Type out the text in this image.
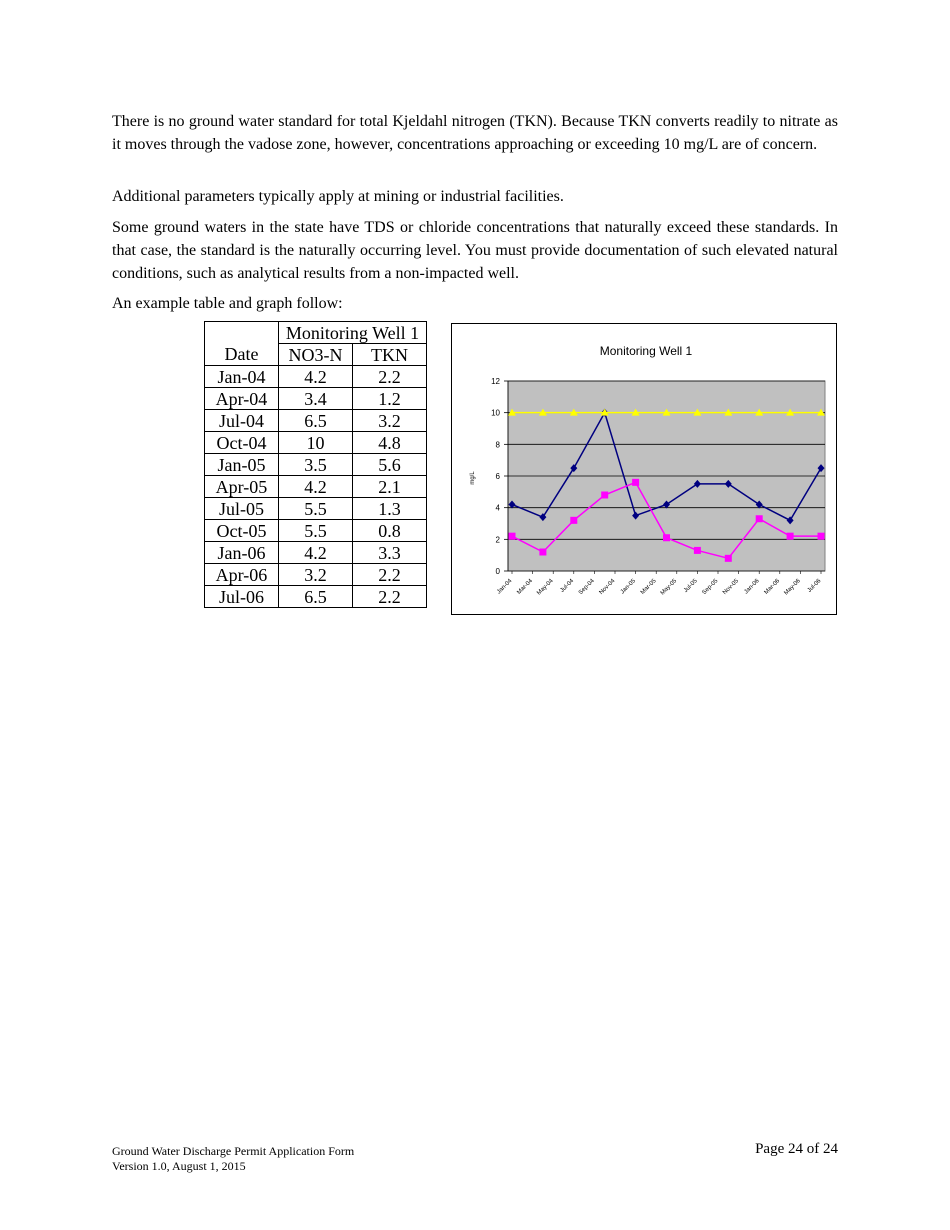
There is no ground water standard for total Kjeldahl nitrogen (TKN). Because TKN converts readily to nitrate as it moves through the vadose zone, however, concentrations approaching or exceeding 10 mg/L are of concern.

Additional parameters typically apply at mining or industrial facilities.

Some ground waters in the state have TDS or chloride concentrations that naturally exceed these standards. In that case, the standard is the naturally occurring level. You must provide documentation of such elevated natural conditions, such as analytical results from a non-impacted well.

An example table and graph follow:

	Monitoring Well 1	
Date	NO3-N	TKN
Jan-04	4.2	2.2
Apr-04	3.4	1.2
Jul-04	6.5	3.2
Oct-04	10	4.8
Jan-05	3.5	5.6
Apr-05	4.2	2.1
Jul-05	5.5	1.3
Oct-05	5.5	0.8
Jan-06	4.2	3.3
Apr-06	3.2	2.2
Jul-06	6.5	2.2
Monitoring Well 1
mg/L
0
2
4
6
8
10
12
Jan-04 Mar-04 May-04 Jul-04 Sep-04 Nov-04 Jan-05 Mar-05 May-05 Jul-05 Sep-05 Nov-05 Jan-06 Mar-06 May-06 Jul-06
Ground Water Discharge Permit Application Form
Version 1.0, August 1, 2015
Page 24 of 24
